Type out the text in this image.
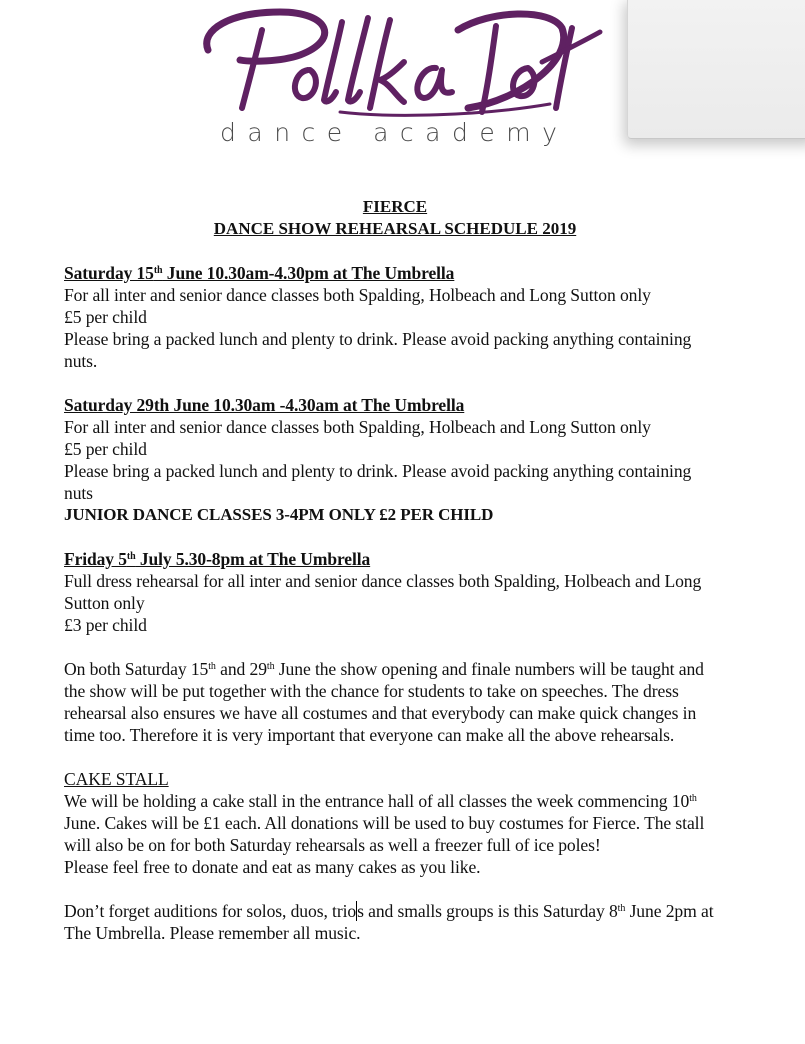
dance academy

FIERCE
DANCE SHOW REHEARSAL SCHEDULE 2019

Saturday 15th June 10.30am-4.30pm at The Umbrella

For all inter and senior dance classes both Spalding, Holbeach and Long Sutton only

£5 per child

Please bring a packed lunch and plenty to drink. Please avoid packing anything containing nuts.

Saturday 29th June 10.30am -4.30am at The Umbrella

For all inter and senior dance classes both Spalding, Holbeach and Long Sutton only

£5 per child

Please bring a packed lunch and plenty to drink. Please avoid packing anything containing nuts

JUNIOR DANCE CLASSES 3-4PM ONLY £2 PER CHILD

Friday 5th July 5.30-8pm at The Umbrella

Full dress rehearsal for all inter and senior dance classes both Spalding, Holbeach and Long Sutton only

£3 per child

On both Saturday 15th and 29th June the show opening and finale numbers will be taught and the show will be put together with the chance for students to take on speeches. The dress rehearsal also ensures we have all costumes and that everybody can make quick changes in time too. Therefore it is very important that everyone can make all the above rehearsals.

CAKE STALL

We will be holding a cake stall in the entrance hall of all classes the week commencing 10th June. Cakes will be £1 each. All donations will be used to buy costumes for Fierce. The stall will also be on for both Saturday rehearsals as well a freezer full of ice poles!

Please feel free to donate and eat as many cakes as you like.

Don’t forget auditions for solos, duos, trios and smalls groups is this Saturday 8th June 2pm at The Umbrella. Please remember all music.
